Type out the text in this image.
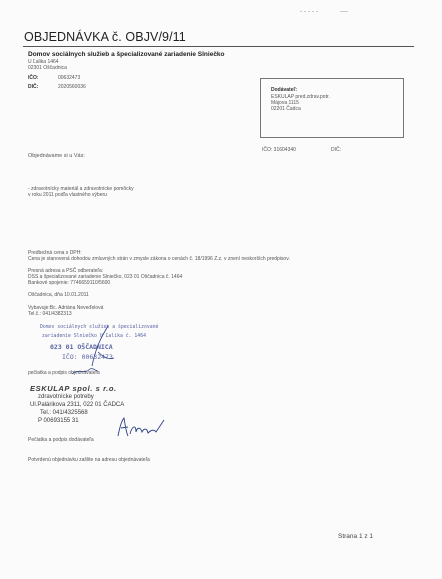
OBJEDNÁVKA č. OBJV/9/11
Domov sociálnych služieb a špecializované zariadenie Slniečko
U Ľalika 1464
02301 Oščadnica
IČO:	00632473
DIČ:	2020560036	Dodávateľ:
ESKULAP pred.zdrav.potr.
Májova 1115
02201 Čadca
IČO: 31604340	DIČ:
Objednávame si u Vás:
- zdravotnícky materiál a zdravotnícke pomôcky
v roku 2011 podľa vlastného výberu
Predbežná cena s DPH:
Cena je stanovená dohodou zmluvných strán v zmysle zákona o cenách č. 18/1996 Z.z. v znení neskorších predpisov.
Presná adresa a PSČ odberateľa:
DSS a špecializované zariadenie Slniečko, 023 01 Oščadnica č. 1464
Bankové spojenie: 7746659110/5600
Oščadnica, dňa 10.01.2011
Vybavuje:Bc. Adriána Neveďelová
Tel.č.: 041/4382313
Domov sociálnych služieb a špecializované
zariadenie Slniečko U Ľalika č. 1464
023 01 OŠČADNICA
IČO: 00632473
pečiatka a podpis objednávateľa
ESKULAP spol. s r.o.
zdravotnícke potreby
Ul.Palárikova 2311, 022 01 ČADCA
Tel.: 041/4325568
P 00693155 31
Pečiatka a podpis dodávateľa
Potvrdenú objednávku zašlite na adresu objednávateľa
Strana 1 z 1
